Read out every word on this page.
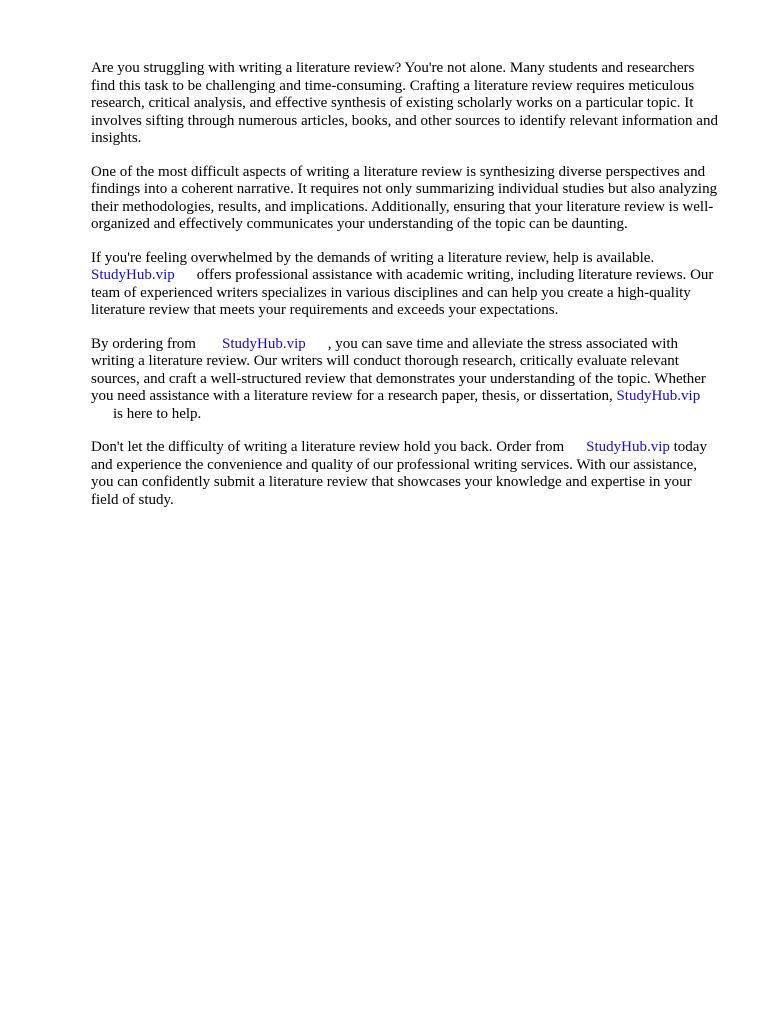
Are you struggling with writing a literature review? You're not alone. Many students and researchers find this task to be challenging and time-consuming. Crafting a literature review requires meticulous research, critical analysis, and effective synthesis of existing scholarly works on a particular topic. It involves sifting through numerous articles, books, and other sources to identify relevant information and insights.

One of the most difficult aspects of writing a literature review is synthesizing diverse perspectives and findings into a coherent narrative. It requires not only summarizing individual studies but also analyzing their methodologies, results, and implications. Additionally, ensuring that your literature review is well-organized and effectively communicates your understanding of the topic can be daunting.

If you're feeling overwhelmed by the demands of writing a literature review, help is available. StudyHub.vip offers professional assistance with academic writing, including literature reviews. Our team of experienced writers specializes in various disciplines and can help you create a high-quality literature review that meets your requirements and exceeds your expectations.

By ordering from StudyHub.vip , you can save time and alleviate the stress associated with writing a literature review. Our writers will conduct thorough research, critically evaluate relevant sources, and craft a well-structured review that demonstrates your understanding of the topic. Whether you need assistance with a literature review for a research paper, thesis, or dissertation, StudyHub.vipis here to help.

Don't let the difficulty of writing a literature review hold you back. Order from StudyHub.vip today and experience the convenience and quality of our professional writing services. With our assistance, you can confidently submit a literature review that showcases your knowledge and expertise in your field of study.
